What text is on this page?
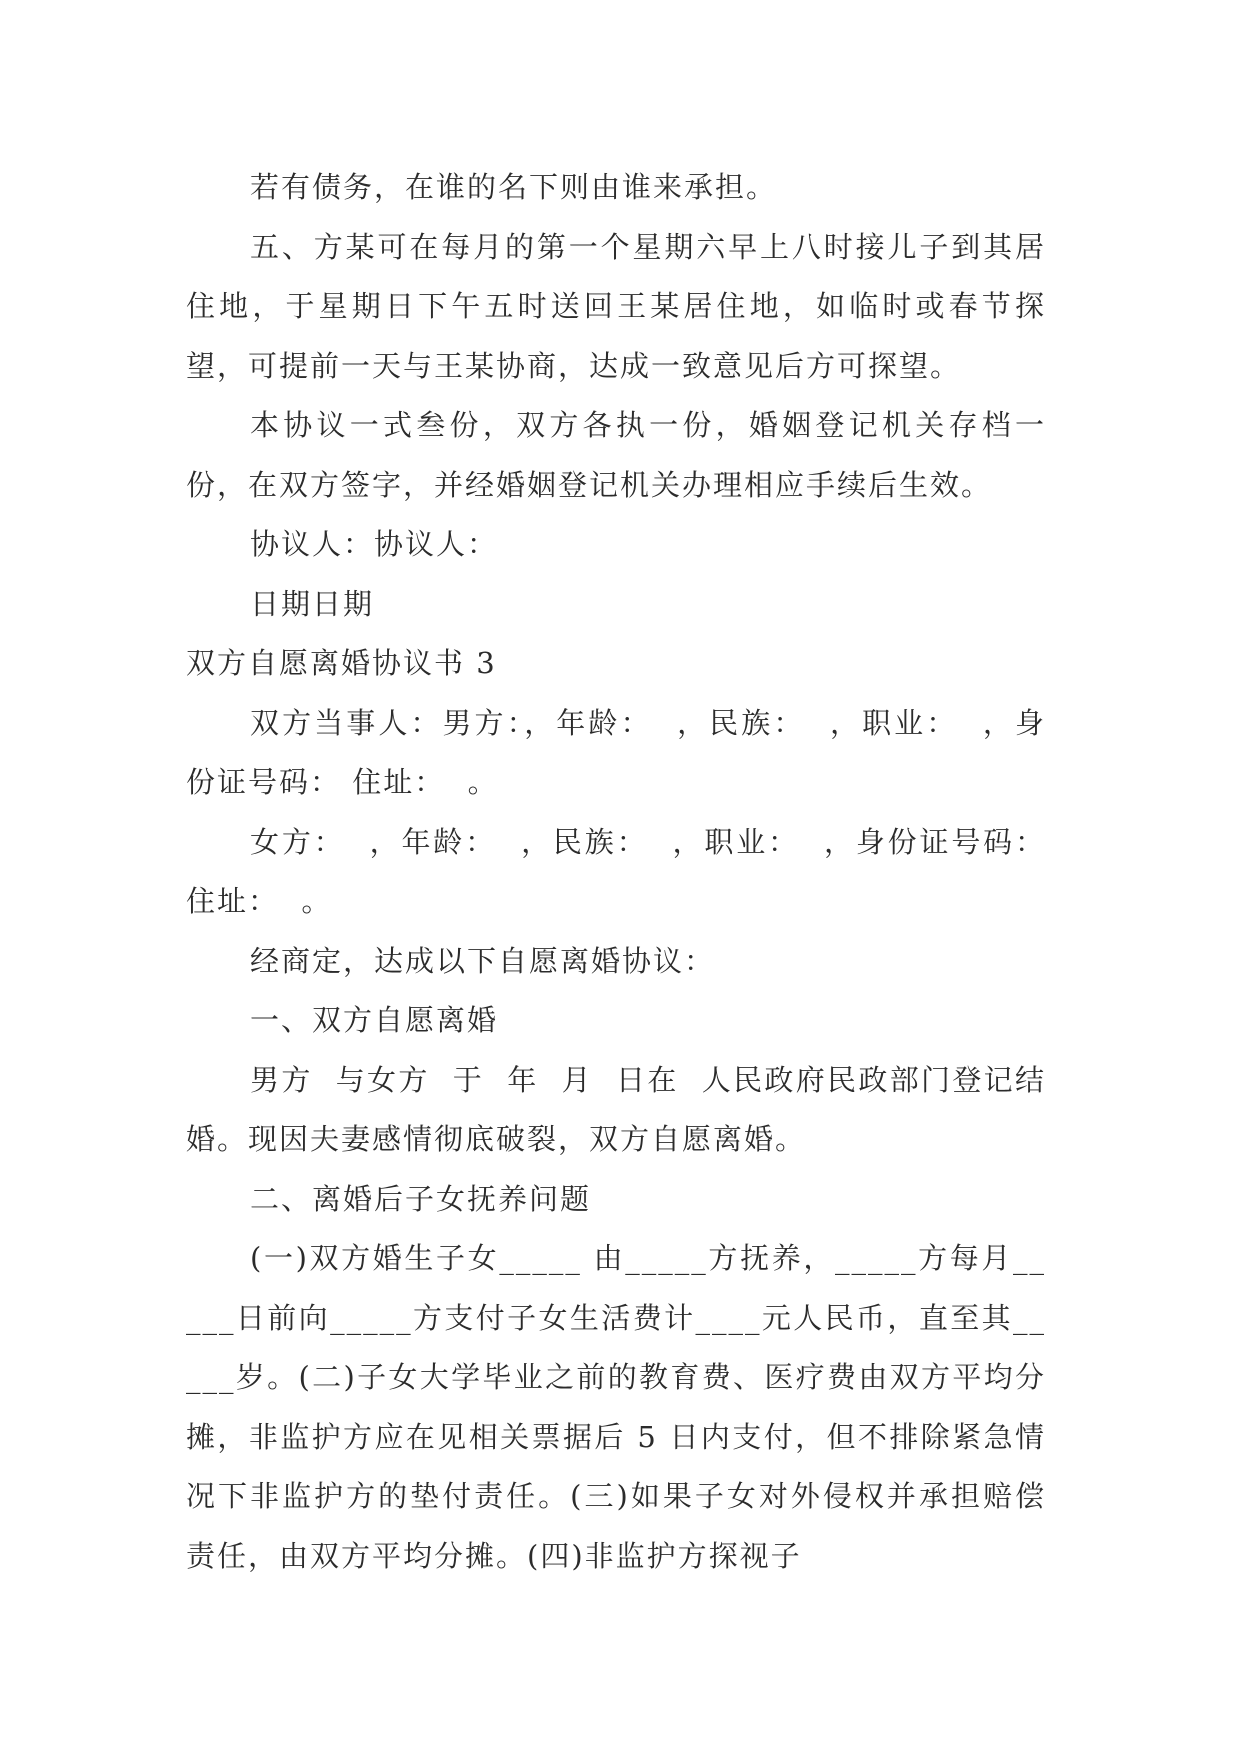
若有债务，在谁的名下则由谁来承担。

五、方某可在每月的第一个星期六早上八时接儿子到其居住地，于星期日下午五时送回王某居住地，如临时或春节探望，可提前一天与王某协商，达成一致意见后方可探望。

本协议一式叁份，双方各执一份，婚姻登记机关存档一份，在双方签字，并经婚姻登记机关办理相应手续后生效。

协议人：协议人：

日期日期

双方自愿离婚协议书 3

双方当事人：男方：，年龄：  ，民族：  ，职业：  ，身份证号码： 住址：  。

女方：  ，年龄：  ，民族：  ，职业：  ，身份证号码：住址：  。

经商定，达成以下自愿离婚协议：

一、双方自愿离婚

男方  与女方  于  年  月  日在  人民政府民政部门登记结婚。现因夫妻感情彻底破裂，双方自愿离婚。

二、离婚后子女抚养问题

(一)双方婚生子女_____ 由_____方抚养，_____方每月_____日前向_____方支付子女生活费计____元人民币，直至其_____岁。(二)子女大学毕业之前的教育费、医疗费由双方平均分摊，非监护方应在见相关票据后 5 日内支付，但不排除紧急情况下非监护方的垫付责任。(三)如果子女对外侵权并承担赔偿责任，由双方平均分摊。(四)非监护方探视子
